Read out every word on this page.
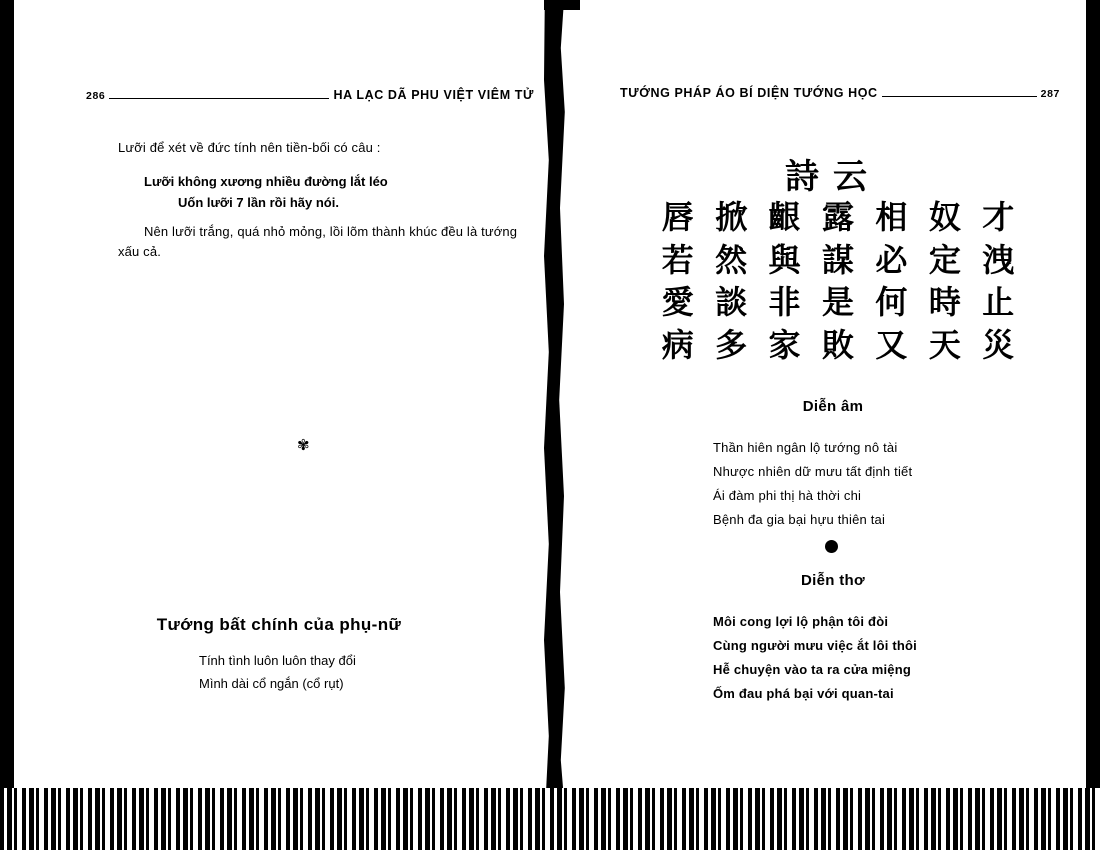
286	HA LẠC DÃ PHU VIỆT VIÊM TỬ
Lưỡi để xét về đức tính nên tiền-bối có câu :
Lưỡi không xương nhiều đường lắt léo
Uốn lưỡi 7 lần rồi hãy nói.
Nên lưỡi trắng, quá nhỏ mỏng, lồi lõm thành khúc đều là tướng xấu cả.
✾
Tướng bất chính của phụ-nữ
Tính tình luôn luôn thay đổi
Mình dài cổ ngắn (cổ rụt)
TƯỚNG PHÁP ÁO BÍ DIỆN TƯỚNG HỌC	287
詩云
唇 掀 齦 露 相 奴 才
若 然 與 謀 必 定 洩
愛 談 非 是 何 時 止
病 多 家 敗 又 天 災
Diễn âm
Thần hiên ngân lộ tướng nô tài
Nhược nhiên dữ mưu tất định tiết
Ái đàm phi thị hà thời chi
Bệnh đa gia bại hựu thiên tai
Diễn thơ
Môi cong lợi lộ phận tôi đòi
Cùng người mưu việc ắt lôi thôi
Hễ chuyện vào ta ra cửa miệng
Ốm đau phá bại với quan-tai
